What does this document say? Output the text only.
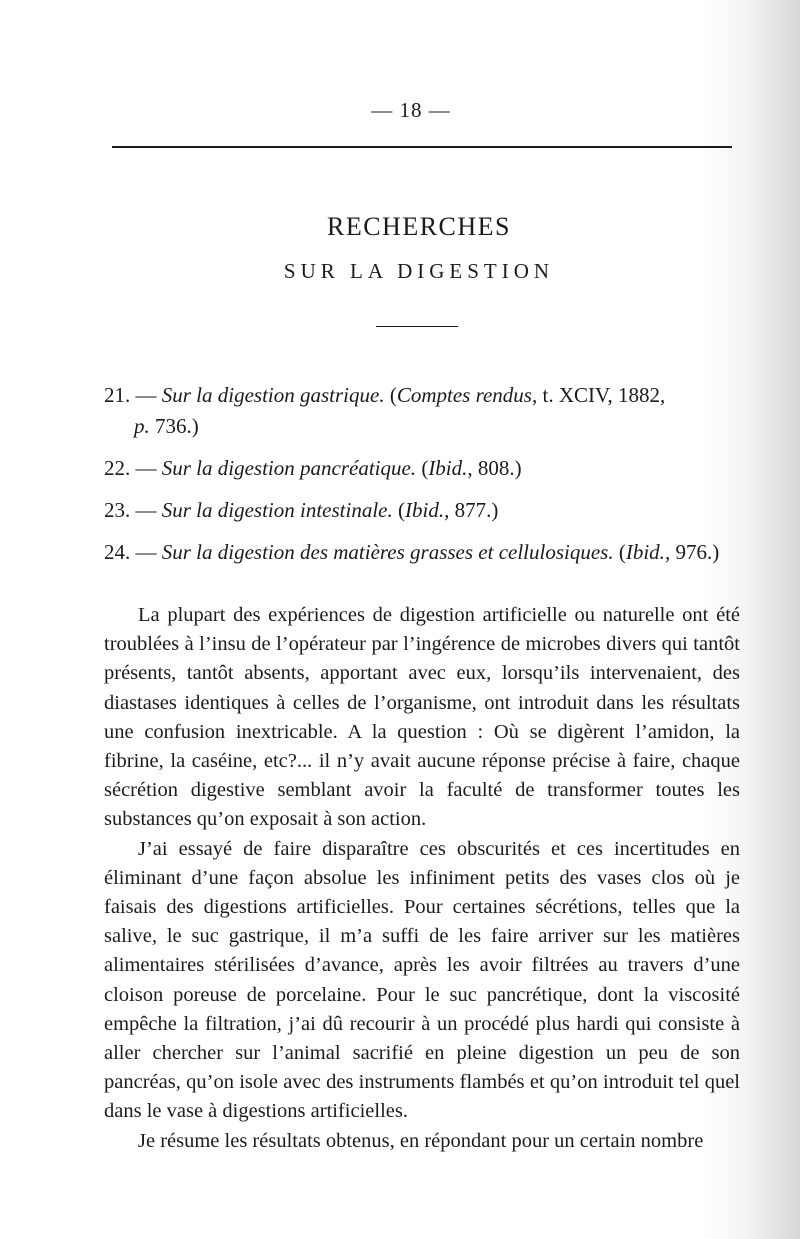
— 18 —
RECHERCHES
SUR LA DIGESTION
21. — Sur la digestion gastrique. (Comptes rendus, t. XCIV, 1882,
p. 736.)
22. — Sur la digestion pancréatique. (Ibid., 808.)
23. — Sur la digestion intestinale. (Ibid., 877.)
24. — Sur la digestion des matières grasses et cellulosiques. (Ibid., 976.)

La plupart des expériences de digestion artificielle ou naturelle ont été troublées à l’insu de l’opérateur par l’ingérence de microbes divers qui tantôt présents, tantôt absents, apportant avec eux, lorsqu’ils intervenaient, des diastases identiques à celles de l’organisme, ont introduit dans les résultats une confusion inextricable. A la question : Où se digèrent l’amidon, la fibrine, la caséine, etc?... il n’y avait aucune réponse précise à faire, chaque sécrétion digestive semblant avoir la faculté de transformer toutes les substances qu’on exposait à son action.

J’ai essayé de faire disparaître ces obscurités et ces incertitudes en éliminant d’une façon absolue les infiniment petits des vases clos où je faisais des digestions artificielles. Pour certaines sécrétions, telles que la salive, le suc gastrique, il m’a suffi de les faire arriver sur les matières alimentaires stérilisées d’avance, après les avoir filtrées au travers d’une cloison poreuse de porcelaine. Pour le suc pancrétique, dont la viscosité empêche la filtration, j’ai dû recourir à un procédé plus hardi qui consiste à aller chercher sur l’animal sacrifié en pleine digestion un peu de son pancréas, qu’on isole avec des instruments flambés et qu’on introduit tel quel dans le vase à digestions artificielles.

Je résume les résultats obtenus, en répondant pour un certain nombre
